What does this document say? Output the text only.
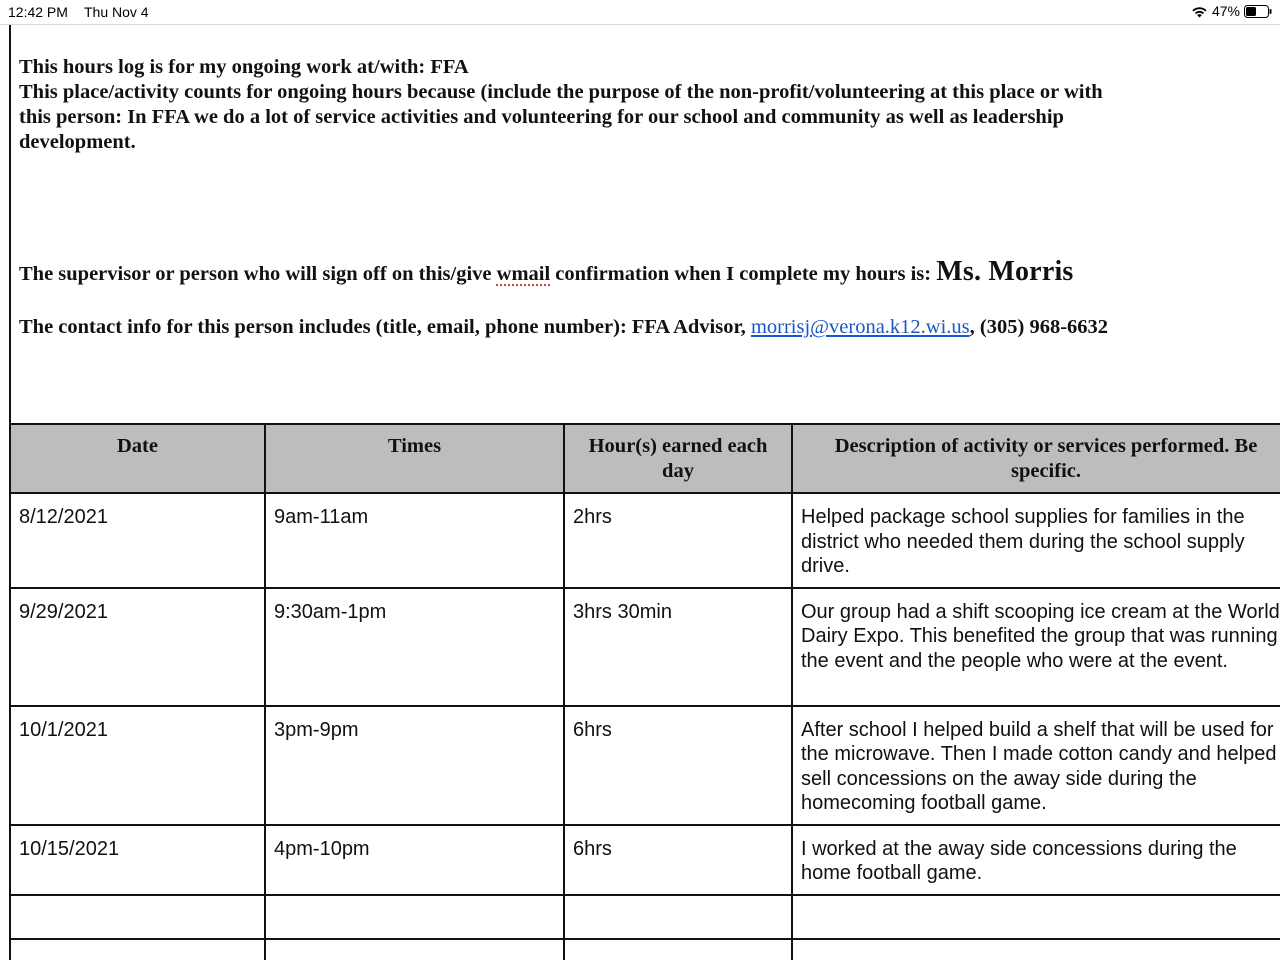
12:42 PM Thu Nov 4	47%
This hours log is for my ongoing work at/with: FFA
This place/activity counts for ongoing hours because (include the purpose of the non-profit/volunteering at this place or with
this person: In FFA we do a lot of service activities and volunteering for our school and community as well as leadership
development.
The supervisor or person who will sign off on this/give wmail confirmation when I complete my hours is: Ms. Morris
The contact info for this person includes (title, email, phone number): FFA Advisor, morrisj@verona.k12.wi.us, (305) 968-6632
Date	Times	Hour(s) earned each day	Description of activity or services performed. Be specific.
8/12/2021	9am-11am	2hrs	Helped package school supplies for families in the district who needed them during the school supply drive.
9/29/2021	9:30am-1pm	3hrs 30min	Our group had a shift scooping ice cream at the World Dairy Expo. This benefited the group that was running the event and the people who were at the event.
10/1/2021	3pm-9pm	6hrs	After school I helped build a shelf that will be used for the microwave. Then I made cotton candy and helped sell concessions on the away side during the homecoming football game.
10/15/2021	4pm-10pm	6hrs	I worked at the away side concessions during the home football game.
